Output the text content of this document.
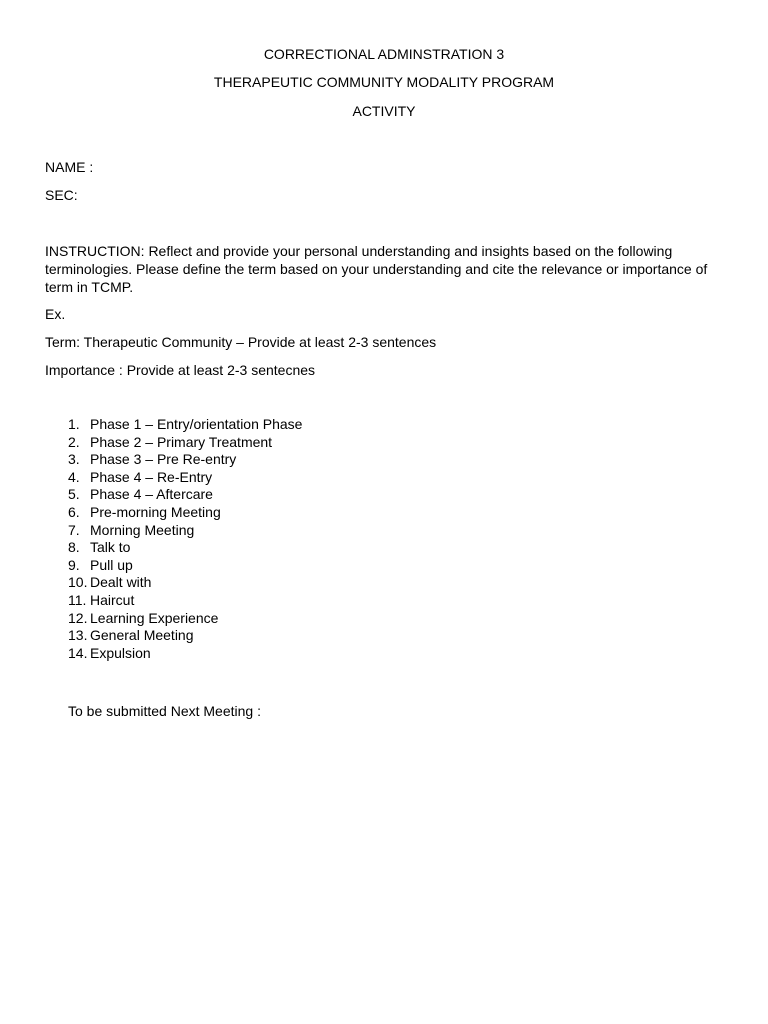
CORRECTIONAL ADMINSTRATION 3
THERAPEUTIC COMMUNITY MODALITY PROGRAM
ACTIVITY
NAME :
SEC:
INSTRUCTION: Reflect and provide your personal understanding and insights based on the following terminologies. Please define the term based on your understanding and cite the relevance or importance of term in TCMP.
Ex.
Term: Therapeutic Community – Provide at least 2-3 sentences
Importance : Provide at least 2-3 sentecnes
1. Phase 1 – Entry/orientation Phase
2. Phase 2 – Primary Treatment
3. Phase 3 – Pre Re-entry
4. Phase 4 – Re-Entry
5. Phase 4 – Aftercare
6. Pre-morning Meeting
7. Morning Meeting
8. Talk to
9. Pull up
10. Dealt with
11. Haircut
12. Learning Experience
13. General Meeting
14. Expulsion
To be submitted Next Meeting :
